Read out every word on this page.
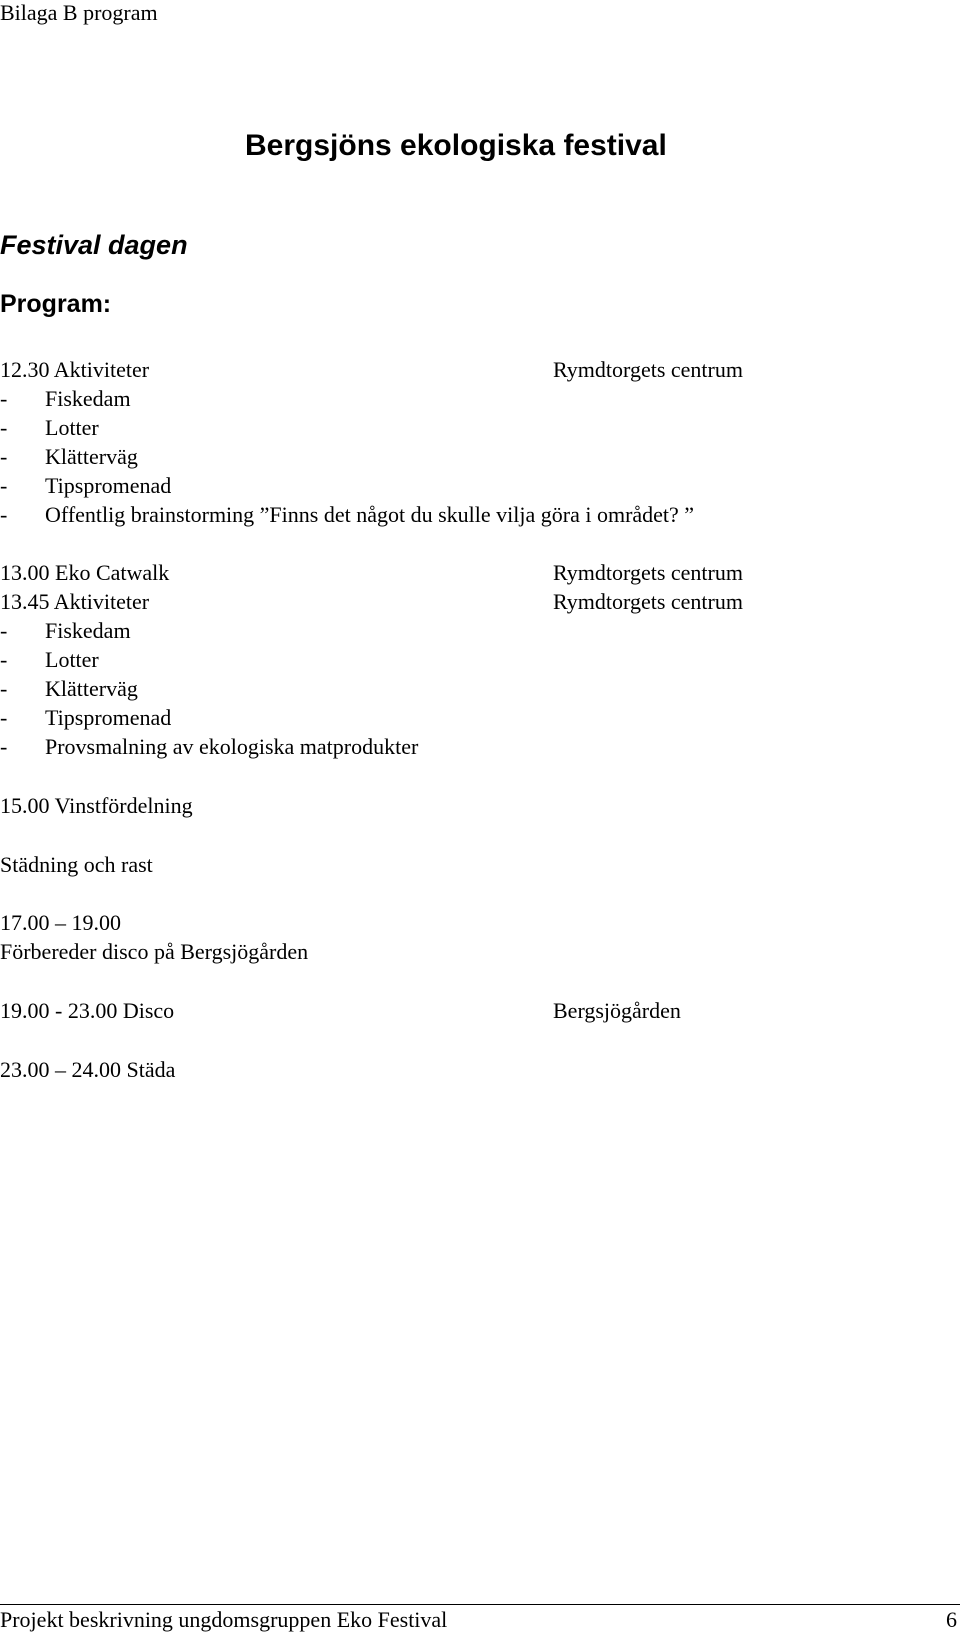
Bilaga B program
Bergsjöns ekologiska festival
Festival dagen
Program:
12.30 Aktiviteter	Rymdtorgets centrum
- Fiskedam
- Lotter
- Klätterväg
- Tipspromenad
- Offentlig brainstorming ”Finns det något du skulle vilja göra i området? ”
13.00 Eko Catwalk	Rymdtorgets centrum
13.45 Aktiviteter	Rymdtorgets centrum
- Fiskedam
- Lotter
- Klätterväg
- Tipspromenad
- Provsmalning av ekologiska matprodukter
15.00 Vinstfördelning
Städning och rast
17.00 – 19.00
Förbereder disco på Bergsjögården
19.00 - 23.00 Disco	Bergsjögården
23.00 – 24.00 Städa
Projekt beskrivning ungdomsgruppen Eko Festival	6
